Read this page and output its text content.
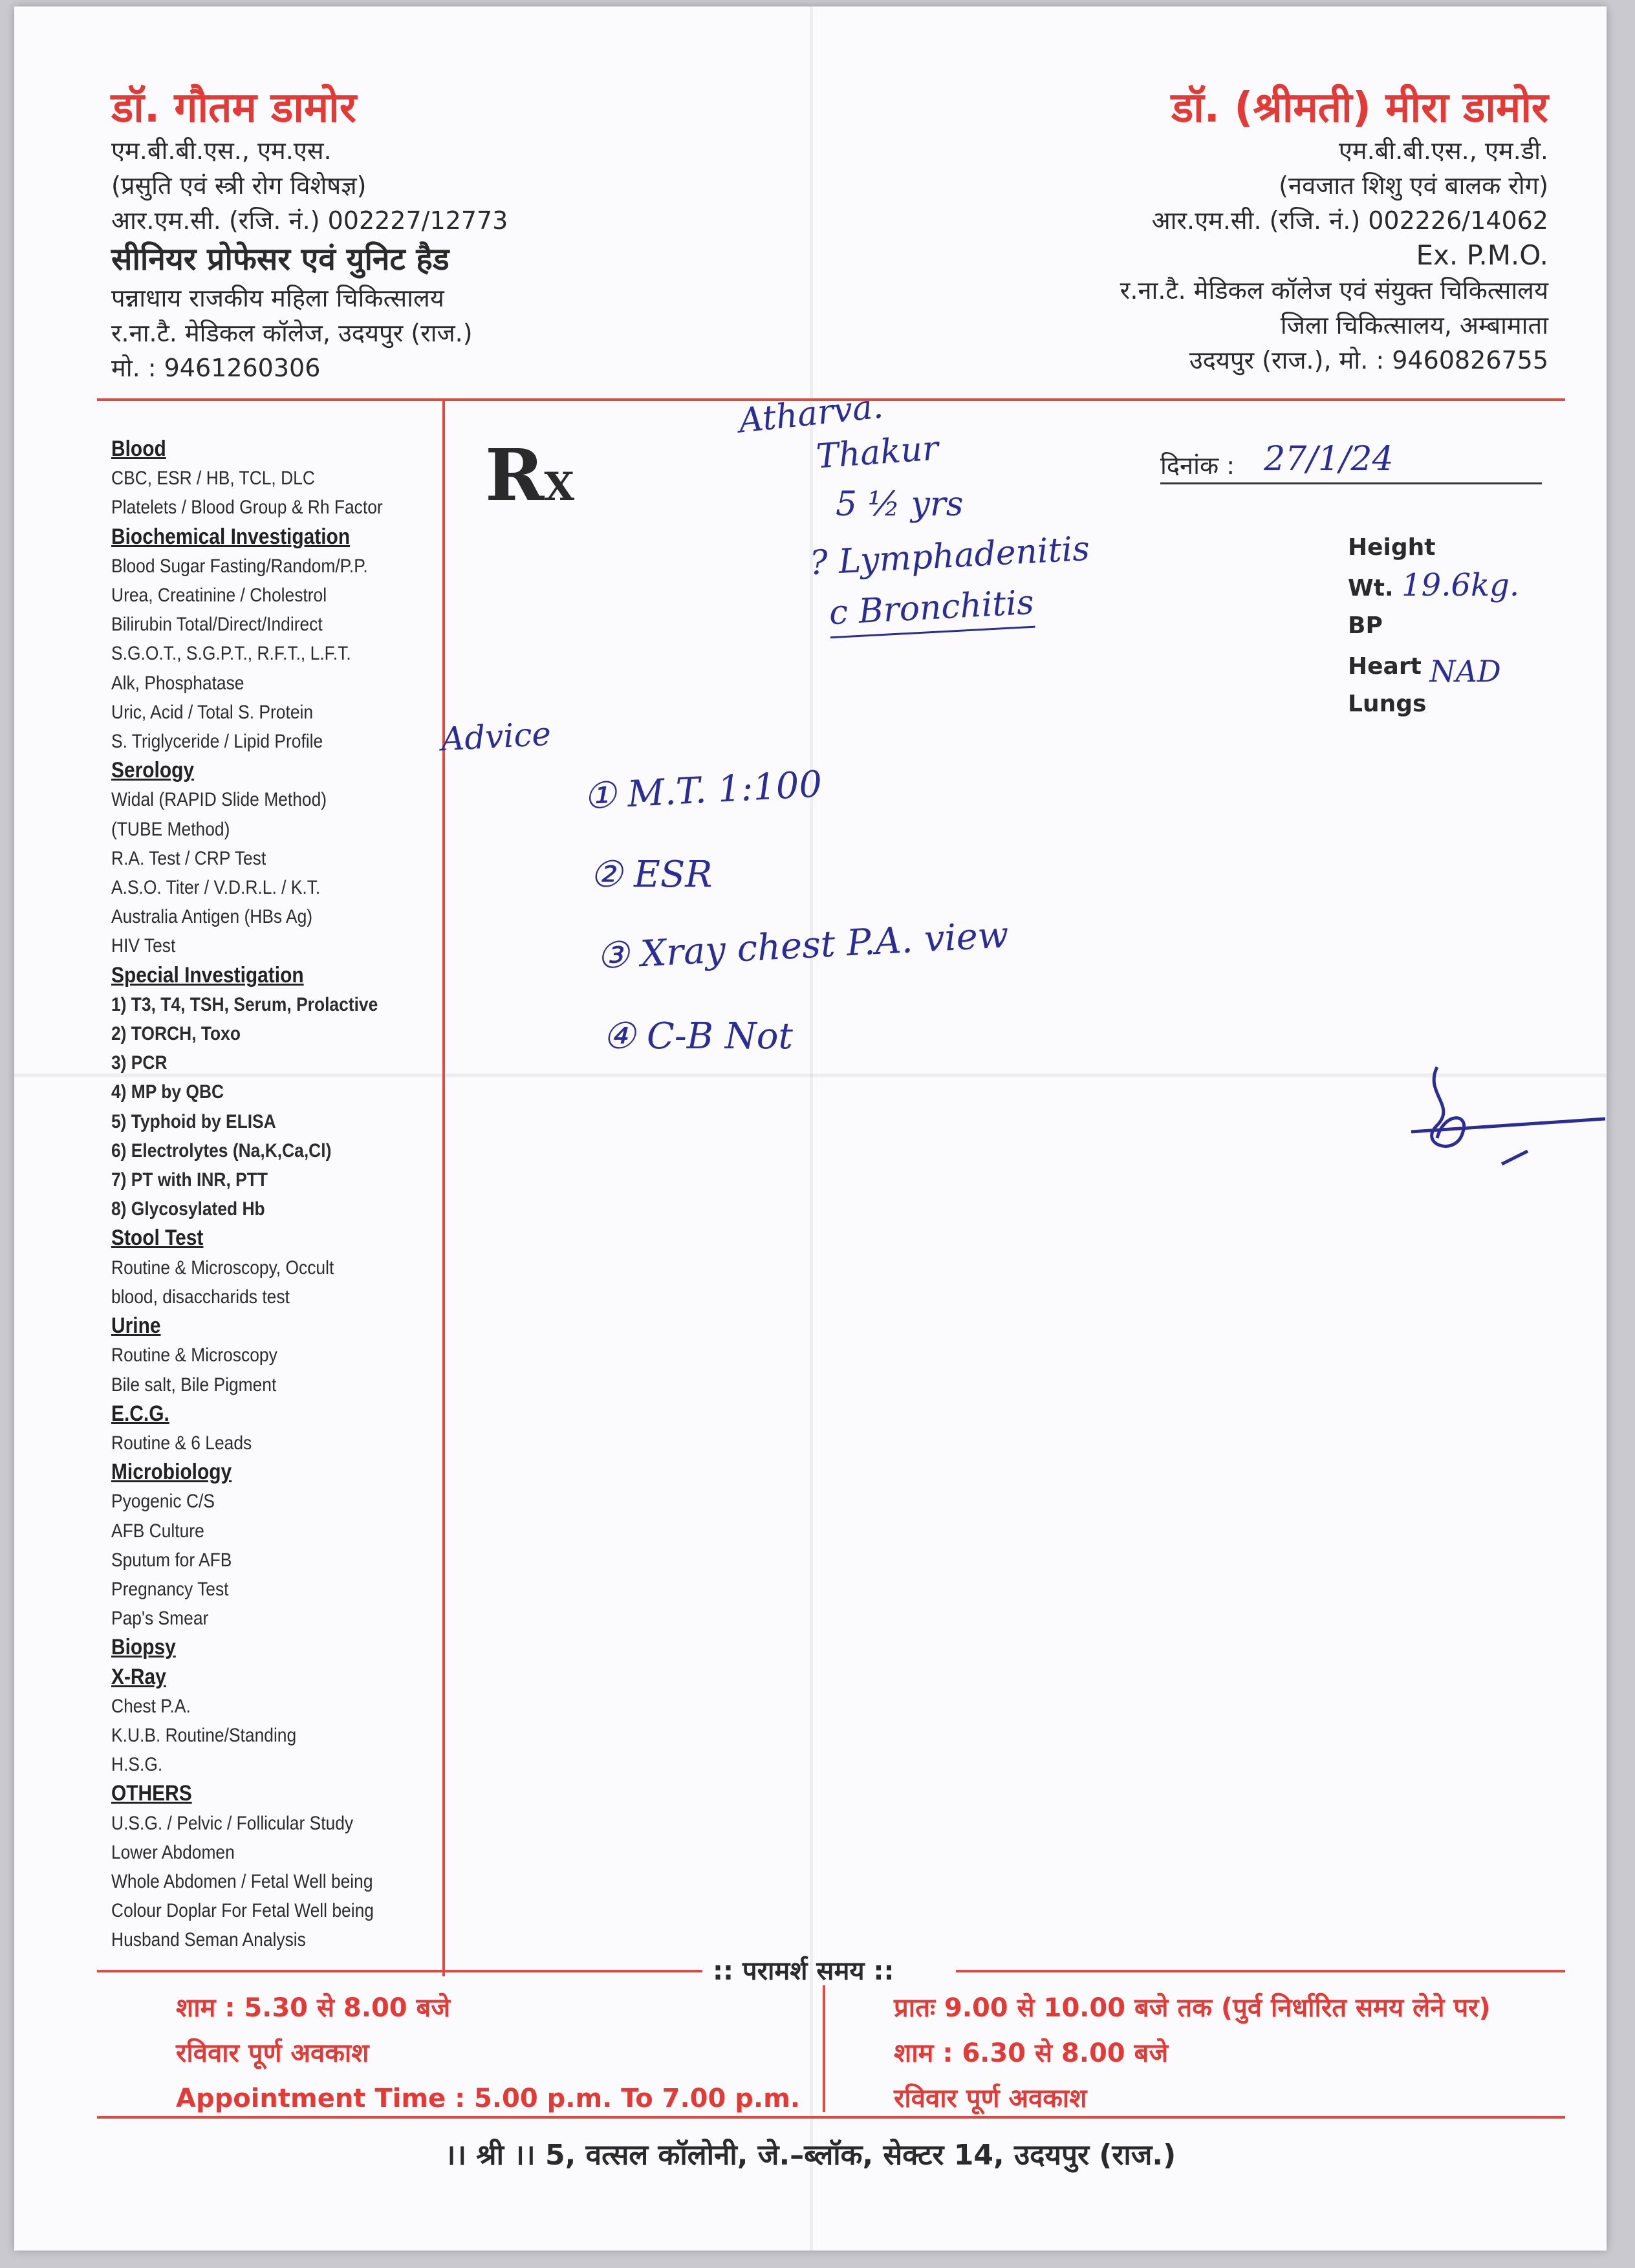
डॉ. गौतम डामोर
एम.बी.बी.एस., एम.एस.
(प्रसुति एवं स्त्री रोग विशेषज्ञ)
आर.एम.सी. (रजि. नं.) 002227/12773
सीनियर प्रोफेसर एवं युनिट हैड
पन्नाधाय राजकीय महिला चिकित्सालय
र.ना.टै. मेडिकल कॉलेज, उदयपुर (राज.)
मो. : 9461260306
डॉ. (श्रीमती) मीरा डामोर
एम.बी.बी.एस., एम.डी.
(नवजात शिशु एवं बालक रोग)
आर.एम.सी. (रजि. नं.) 002226/14062
Ex. P.M.O.
र.ना.टै. मेडिकल कॉलेज एवं संयुक्त चिकित्सालय
जिला चिकित्सालय, अम्बामाता
उदयपुर (राज.), मो. : 9460826755
Blood
CBC, ESR / HB, TCL, DLC
Platelets / Blood Group & Rh Factor
Biochemical Investigation
Blood Sugar Fasting/Random/P.P.
Urea, Creatinine / Cholestrol
Bilirubin Total/Direct/Indirect
S.G.O.T., S.G.P.T., R.F.T., L.F.T.
Alk, Phosphatase
Uric, Acid / Total S. Protein
S. Triglyceride / Lipid Profile
Serology
Widal (RAPID Slide Method)
(TUBE Method)
R.A. Test / CRP Test
A.S.O. Titer / V.D.R.L. / K.T.
Australia Antigen (HBs Ag)
HIV Test
Special Investigation
1) T3, T4, TSH, Serum, Prolactive
2) TORCH, Toxo
3) PCR
4) MP by QBC
5) Typhoid by ELISA
6) Electrolytes (Na,K,Ca,Cl)
7) PT with INR, PTT
8) Glycosylated Hb
Stool Test
Routine & Microscopy, Occult
blood, disaccharids test
Urine
Routine & Microscopy
Bile salt, Bile Pigment
E.C.G.
Routine & 6 Leads
Microbiology
Pyogenic C/S
AFB Culture
Sputum for AFB
Pregnancy Test
Pap's Smear
Biopsy
X-Ray
Chest P.A.
K.U.B. Routine/Standing
H.S.G.
OTHERS
U.S.G. / Pelvic / Follicular Study
Lower Abdomen
Whole Abdomen / Fetal Well being
Colour Doplar For Fetal Well being
Husband Seman Analysis
RX	दिनांक : 27/1/24
Height
Wt. 19.6kg.
BP
Heart NAD
Lungs
Atharva.
Thakur
5 ½ yrs
? Lymphadenitis
c Bronchitis
Advice
① M.T. 1:100
② ESR
③ Xray chest P.A. view
④ C-B Not
:: परामर्श समय ::
शाम : 5.30 से 8.00 बजे
रविवार पूर्ण अवकाश
Appointment Time : 5.00 p.m. To 7.00 p.m.
प्रातः 9.00 से 10.00 बजे तक (पुर्व निर्धारित समय लेने पर)
शाम : 6.30 से 8.00 बजे
रविवार पूर्ण अवकाश
।। श्री ।। 5, वत्सल कॉलोनी, जे.–ब्लॉक, सेक्टर 14, उदयपुर (राज.)
